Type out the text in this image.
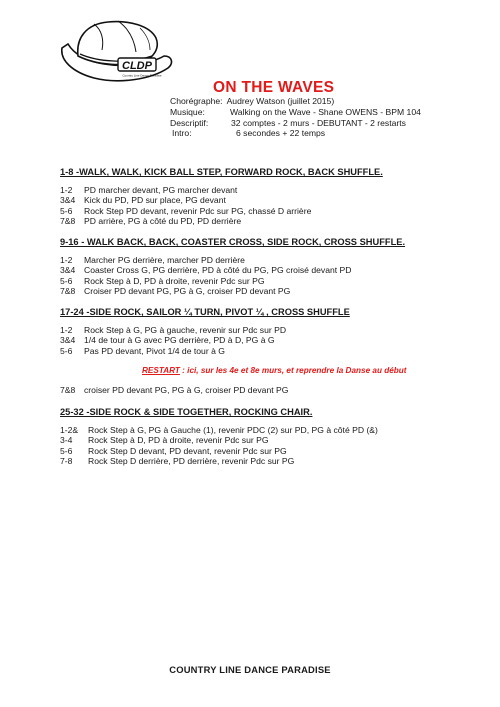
CLDP
Country Line Dance Paradise
ON THE WAVES
Chorégraphe: Audrey Watson (juillet 2015)
Musique:	Walking on the Wave - Shane OWENS - BPM 104
Descriptif:	32 comptes - 2 murs - DEBUTANT - 2 restarts
Intro:	6 secondes + 22 temps
1-8 -WALK, WALK, KICK BALL STEP, FORWARD ROCK, BACK SHUFFLE.
1-2	PD marcher devant, PG marcher devant
3&4	Kick du PD, PD sur place, PG devant
5-6	Rock Step PD devant, revenir Pdc sur PG, chassé D arrière
7&8	PD arrière, PG à côté du PD, PD derrière
9-16 - WALK BACK, BACK, COASTER CROSS, SIDE ROCK, CROSS SHUFFLE.
1-2	Marcher PG derrière, marcher PD derrière
3&4	Coaster Cross G, PG derrière, PD à côté du PG, PG croisé devant PD
5-6	Rock Step à D, PD à droite, revenir Pdc sur PG
7&8	Croiser PD devant PG, PG à G, croiser PD devant PG
17-24 -SIDE ROCK, SAILOR ¼ TURN, PIVOT ¼ , CROSS SHUFFLE
1-2	Rock Step à G, PG à gauche, revenir sur Pdc sur PD
3&4	1/4 de tour à G avec PG derrière, PD à D, PG à G
5-6	Pas PD devant, Pivot 1/4 de tour à G
RESTART : ici, sur les 4e et 8e murs, et reprendre la Danse au début
7&8	croiser PD devant PG, PG à G, croiser PD devant PG
25-32 -SIDE ROCK & SIDE TOGETHER, ROCKING CHAIR.
1-2&	Rock Step à G, PG à Gauche (1), revenir PDC (2) sur PD, PG à côté PD (&)
3-4	Rock Step à D, PD à droite, revenir Pdc sur PG
5-6	Rock Step D devant, PD devant, revenir Pdc sur PG
7-8	Rock Step D derrière, PD derrière, revenir Pdc sur PG
COUNTRY LINE DANCE PARADISE
